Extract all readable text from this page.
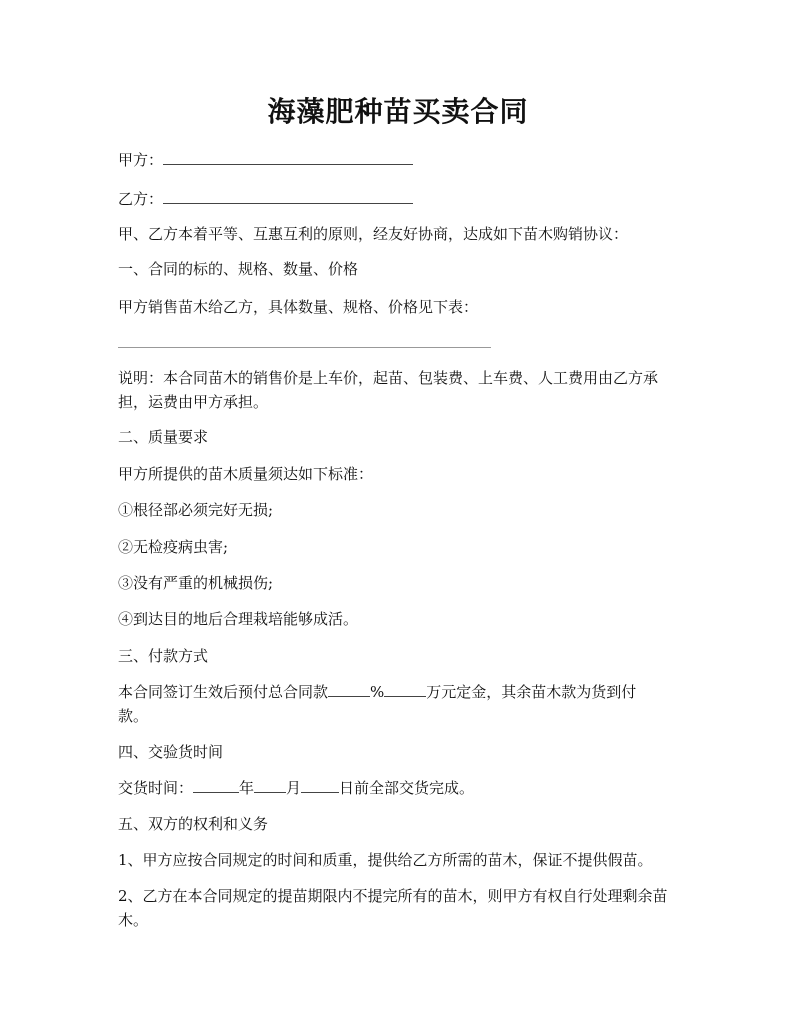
海藻肥种苗买卖合同
甲方：
乙方：
甲、乙方本着平等、互惠互利的原则，经友好协商，达成如下苗木购销协议：
一、合同的标的、规格、数量、价格
甲方销售苗木给乙方，具体数量、规格、价格见下表：
说明：本合同苗木的销售价是上车价，起苗、包装费、上车费、人工费用由乙方承担，运费由甲方承担。
二、质量要求
甲方所提供的苗木质量须达如下标准：
①根径部必须完好无损;
②无检疫病虫害;
③没有严重的机械损伤;
④到达目的地后合理栽培能够成活。
三、付款方式
本合同签订生效后预付总合同款	%	万元定金，其余苗木款为货到付款。
四、交验货时间
交货时间：	年 月	日前全部交货完成。
五、双方的权利和义务
1、甲方应按合同规定的时间和质重，提供给乙方所需的苗木，保证不提供假苗。
2、乙方在本合同规定的提苗期限内不提完所有的苗木，则甲方有权自行处理剩余苗木。
